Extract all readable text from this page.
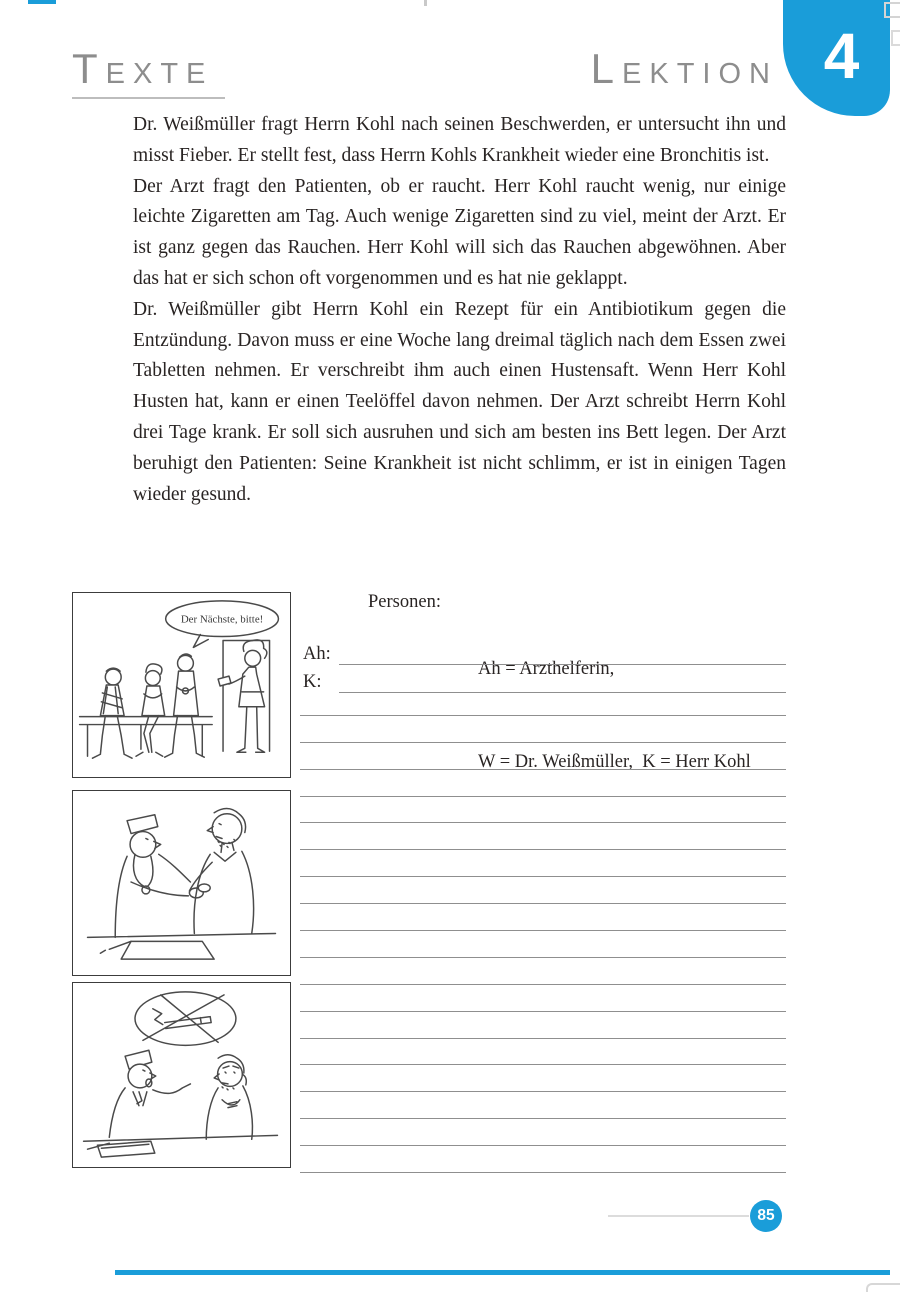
Texte	Lektion 4

Dr. Weißmüller fragt Herrn Kohl nach seinen Beschwerden, er untersucht ihn und misst Fieber. Er stellt fest, dass Herrn Kohls Krankheit wieder eine Bronchitis ist.

Der Arzt fragt den Patienten, ob er raucht. Herr Kohl raucht wenig, nur einige leichte Zigaretten am Tag. Auch wenige Zigaretten sind zu viel, meint der Arzt. Er ist ganz gegen das Rauchen. Herr Kohl will sich das Rauchen abgewöhnen. Aber das hat er sich schon oft vorgenommen und es hat nie geklappt.

Dr. Weißmüller gibt Herrn Kohl ein Rezept für ein Antibiotikum gegen die Entzündung. Davon muss er eine Woche lang dreimal täglich nach dem Essen zwei Tabletten nehmen. Er verschreibt ihm auch einen Hustensaft. Wenn Herr Kohl Husten hat, kann er einen Teelöffel davon nehmen. Der Arzt schreibt Herrn Kohl drei Tage krank. Er soll sich ausruhen und sich am besten ins Bett legen. Der Arzt beruhigt den Patienten: Seine Krankheit ist nicht schlimm, er ist in einigen Tagen wieder gesund.

Der Nächste, bitte!
Personen:

Ah = Arzthelferin,

W = Dr. Weißmüller,  K = Herr Kohl

Ah:
K:
85
